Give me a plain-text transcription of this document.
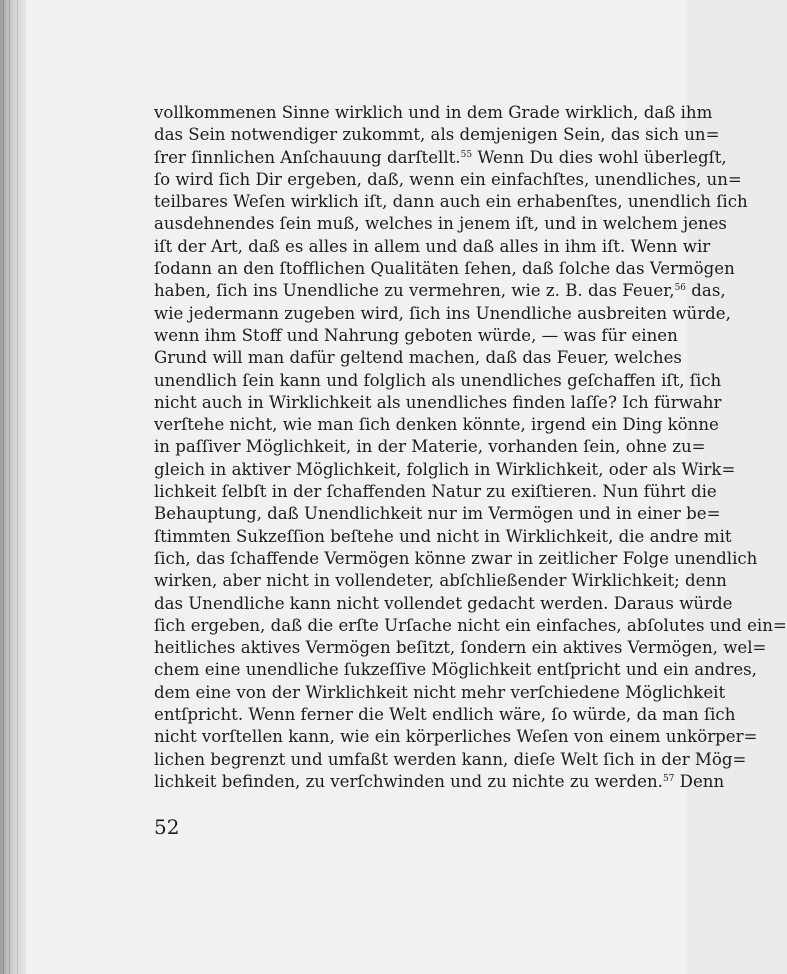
vollkommenen Sinne wirklich und in dem Grade wirklich, daß ihm
das Sein notwendiger zukommt, als demjenigen Sein, das sich un=
ſrer ſinnlichen Anſchauung darſtellt.$^{55}$ Wenn Du dies wohl überlegſt,
ſo wird ſich Dir ergeben, daß, wenn ein einfachſtes, unendliches, un=
teilbares Weſen wirklich iſt, dann auch ein erhabenſtes, unendlich ſich
ausdehnendes ſein muß, welches in jenem iſt, und in welchem jenes
iſt der Art, daß es alles in allem und daß alles in ihm iſt. Wenn wir
ſodann an den ſtofflichen Qualitäten ſehen, daß ſolche das Vermögen
haben, ſich ins Unendliche zu vermehren, wie z. B. das Feuer,$^{56}$ das,
wie jedermann zugeben wird, ſich ins Unendliche ausbreiten würde,
wenn ihm Stoff und Nahrung geboten würde, — was für einen
Grund will man dafür geltend machen, daß das Feuer, welches
unendlich ſein kann und folglich als unendliches geſchaffen iſt, ſich
nicht auch in Wirklichkeit als unendliches finden laſſe? Ich fürwahr
verſtehe nicht, wie man ſich denken könnte, irgend ein Ding könne
in paſſiver Möglichkeit, in der Materie, vorhanden ſein, ohne zu=
gleich in aktiver Möglichkeit, folglich in Wirklichkeit, oder als Wirk=
lichkeit ſelbſt in der ſchaffenden Natur zu exiſtieren. Nun führt die
Behauptung, daß Unendlichkeit nur im Vermögen und in einer be=
ſtimmten Sukzeſſion beſtehe und nicht in Wirklichkeit, die andre mit
ſich, das ſchaffende Vermögen könne zwar in zeitlicher Folge unendlich
wirken, aber nicht in vollendeter, abſchließender Wirklichkeit; denn
das Unendliche kann nicht vollendet gedacht werden. Daraus würde
ſich ergeben, daß die erſte Urſache nicht ein einfaches, abſolutes und ein=
heitliches aktives Vermögen beſitzt, ſondern ein aktives Vermögen, wel=
chem eine unendliche ſukzeſſive Möglichkeit entſpricht und ein andres,
dem eine von der Wirklichkeit nicht mehr verſchiedene Möglichkeit
entſpricht. Wenn ferner die Welt endlich wäre, ſo würde, da man ſich
nicht vorſtellen kann, wie ein körperliches Weſen von einem unkörper=
lichen begrenzt und umfaßt werden kann, dieſe Welt ſich in der Mög=
lichkeit befinden, zu verſchwinden und zu nichte zu werden.$^{57}$ Denn
52
